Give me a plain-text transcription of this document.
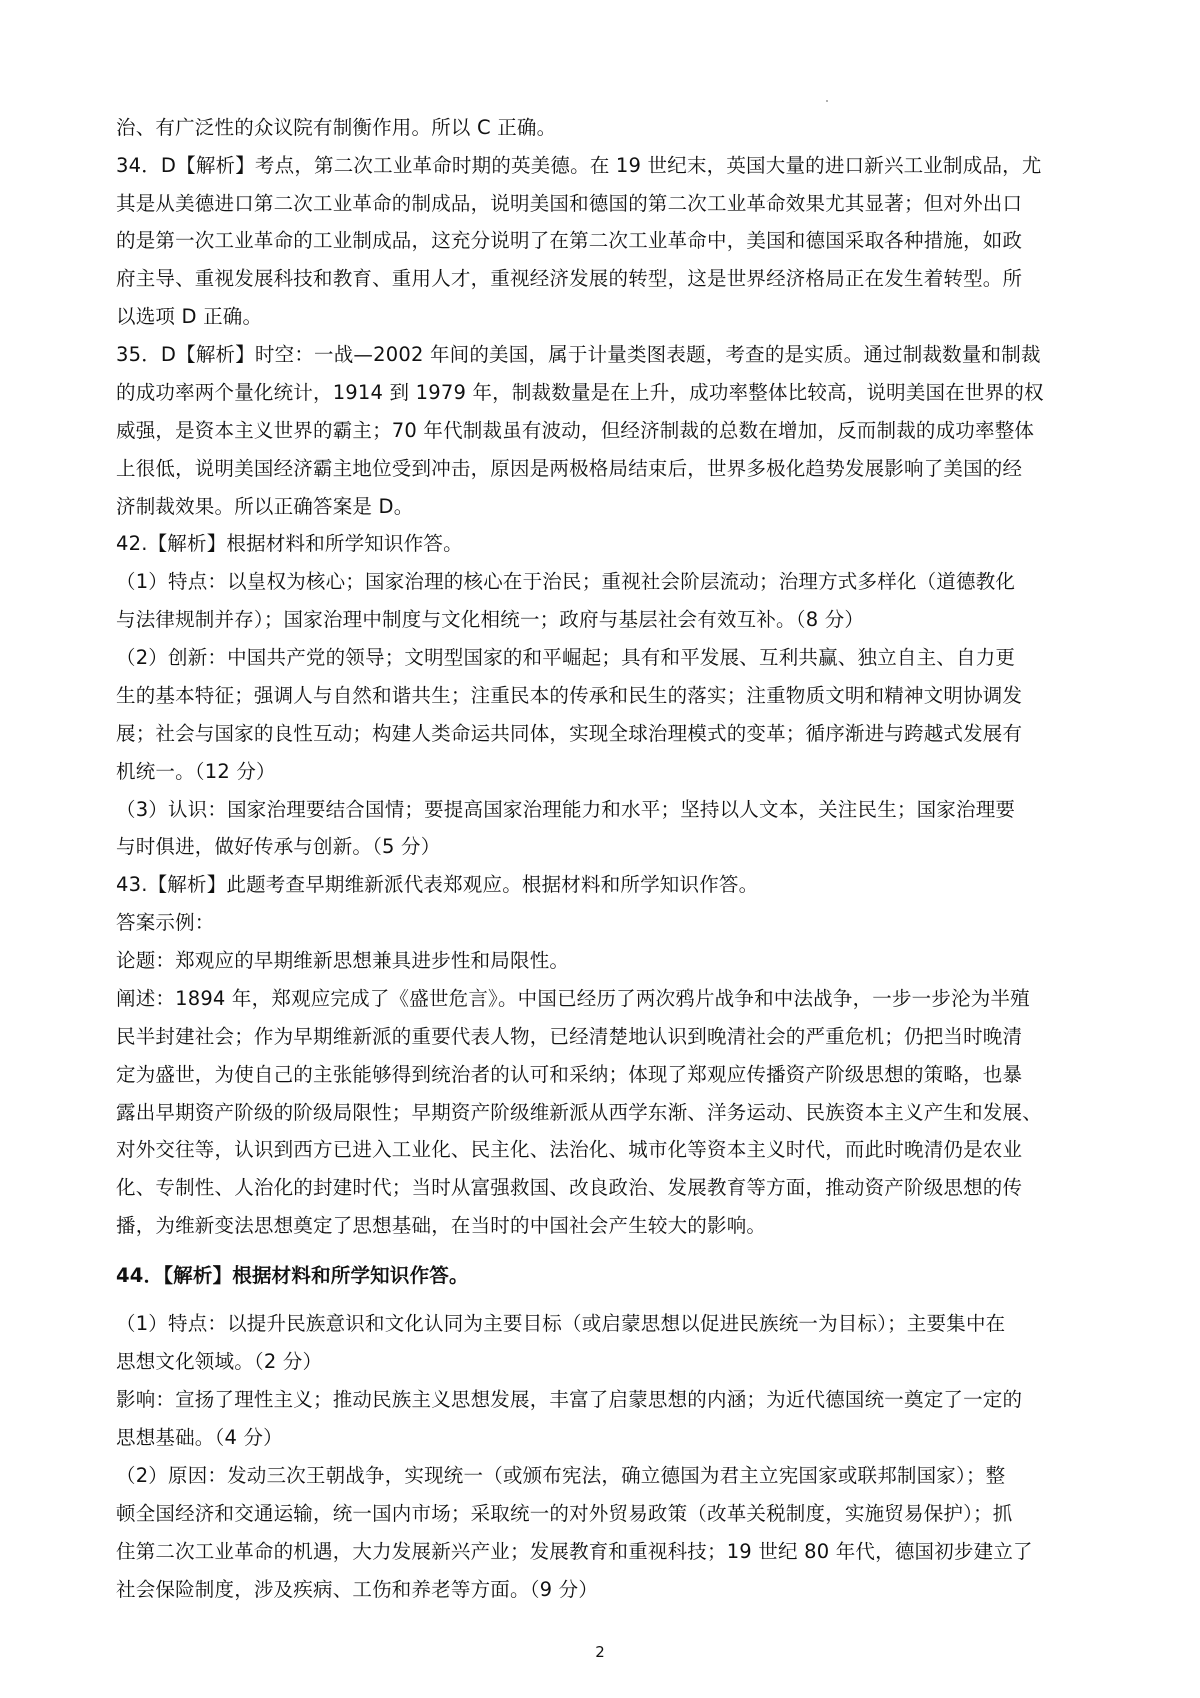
治、有广泛性的众议院有制衡作用。所以 C 正确。
34．D【解析】考点，第二次工业革命时期的英美德。在 19 世纪末，英国大量的进口新兴工业制成品，尤
其是从美德进口第二次工业革命的制成品，说明美国和德国的第二次工业革命效果尤其显著；但对外出口
的是第一次工业革命的工业制成品，这充分说明了在第二次工业革命中，美国和德国采取各种措施，如政
府主导、重视发展科技和教育、重用人才，重视经济发展的转型，这是世界经济格局正在发生着转型。所
以选项 D 正确。
35．D【解析】时空：一战—2002 年间的美国，属于计量类图表题，考查的是实质。通过制裁数量和制裁
的成功率两个量化统计，1914 到 1979 年，制裁数量是在上升，成功率整体比较高，说明美国在世界的权
威强，是资本主义世界的霸主；70 年代制裁虽有波动，但经济制裁的总数在增加，反而制裁的成功率整体
上很低，说明美国经济霸主地位受到冲击，原因是两极格局结束后，世界多极化趋势发展影响了美国的经
济制裁效果。所以正确答案是 D。
42.【解析】根据材料和所学知识作答。
（1）特点：以皇权为核心；国家治理的核心在于治民；重视社会阶层流动；治理方式多样化（道德教化
与法律规制并存）；国家治理中制度与文化相统一；政府与基层社会有效互补。（8 分）
（2）创新：中国共产党的领导；文明型国家的和平崛起；具有和平发展、互利共赢、独立自主、自力更
生的基本特征；强调人与自然和谐共生；注重民本的传承和民生的落实；注重物质文明和精神文明协调发
展；社会与国家的良性互动；构建人类命运共同体，实现全球治理模式的变革；循序渐进与跨越式发展有
机统一。（12 分）
（3）认识：国家治理要结合国情；要提高国家治理能力和水平；坚持以人文本，关注民生；国家治理要
与时俱进，做好传承与创新。（5 分）
43.【解析】此题考查早期维新派代表郑观应。根据材料和所学知识作答。
答案示例：
论题：郑观应的早期维新思想兼具进步性和局限性。
阐述：1894 年，郑观应完成了《盛世危言》。中国已经历了两次鸦片战争和中法战争，一步一步沦为半殖
民半封建社会；作为早期维新派的重要代表人物，已经清楚地认识到晚清社会的严重危机；仍把当时晚清
定为盛世，为使自己的主张能够得到统治者的认可和采纳；体现了郑观应传播资产阶级思想的策略，也暴
露出早期资产阶级的阶级局限性；早期资产阶级维新派从西学东渐、洋务运动、民族资本主义产生和发展、
对外交往等，认识到西方已进入工业化、民主化、法治化、城市化等资本主义时代，而此时晚清仍是农业
化、专制性、人治化的封建时代；当时从富强救国、改良政治、发展教育等方面，推动资产阶级思想的传
播，为维新变法思想奠定了思想基础，在当时的中国社会产生较大的影响。
44．【解析】根据材料和所学知识作答。
（1）特点：以提升民族意识和文化认同为主要目标（或启蒙思想以促进民族统一为目标）；主要集中在
思想文化领域。（2 分）
影响：宣扬了理性主义；推动民族主义思想发展，丰富了启蒙思想的内涵；为近代德国统一奠定了一定的
思想基础。（4 分）
（2）原因：发动三次王朝战争，实现统一（或颁布宪法，确立德国为君主立宪国家或联邦制国家）；整
顿全国经济和交通运输，统一国内市场；采取统一的对外贸易政策（改革关税制度，实施贸易保护）；抓
住第二次工业革命的机遇，大力发展新兴产业；发展教育和重视科技；19 世纪 80 年代，德国初步建立了
社会保险制度，涉及疾病、工伤和养老等方面。（9 分）
2
